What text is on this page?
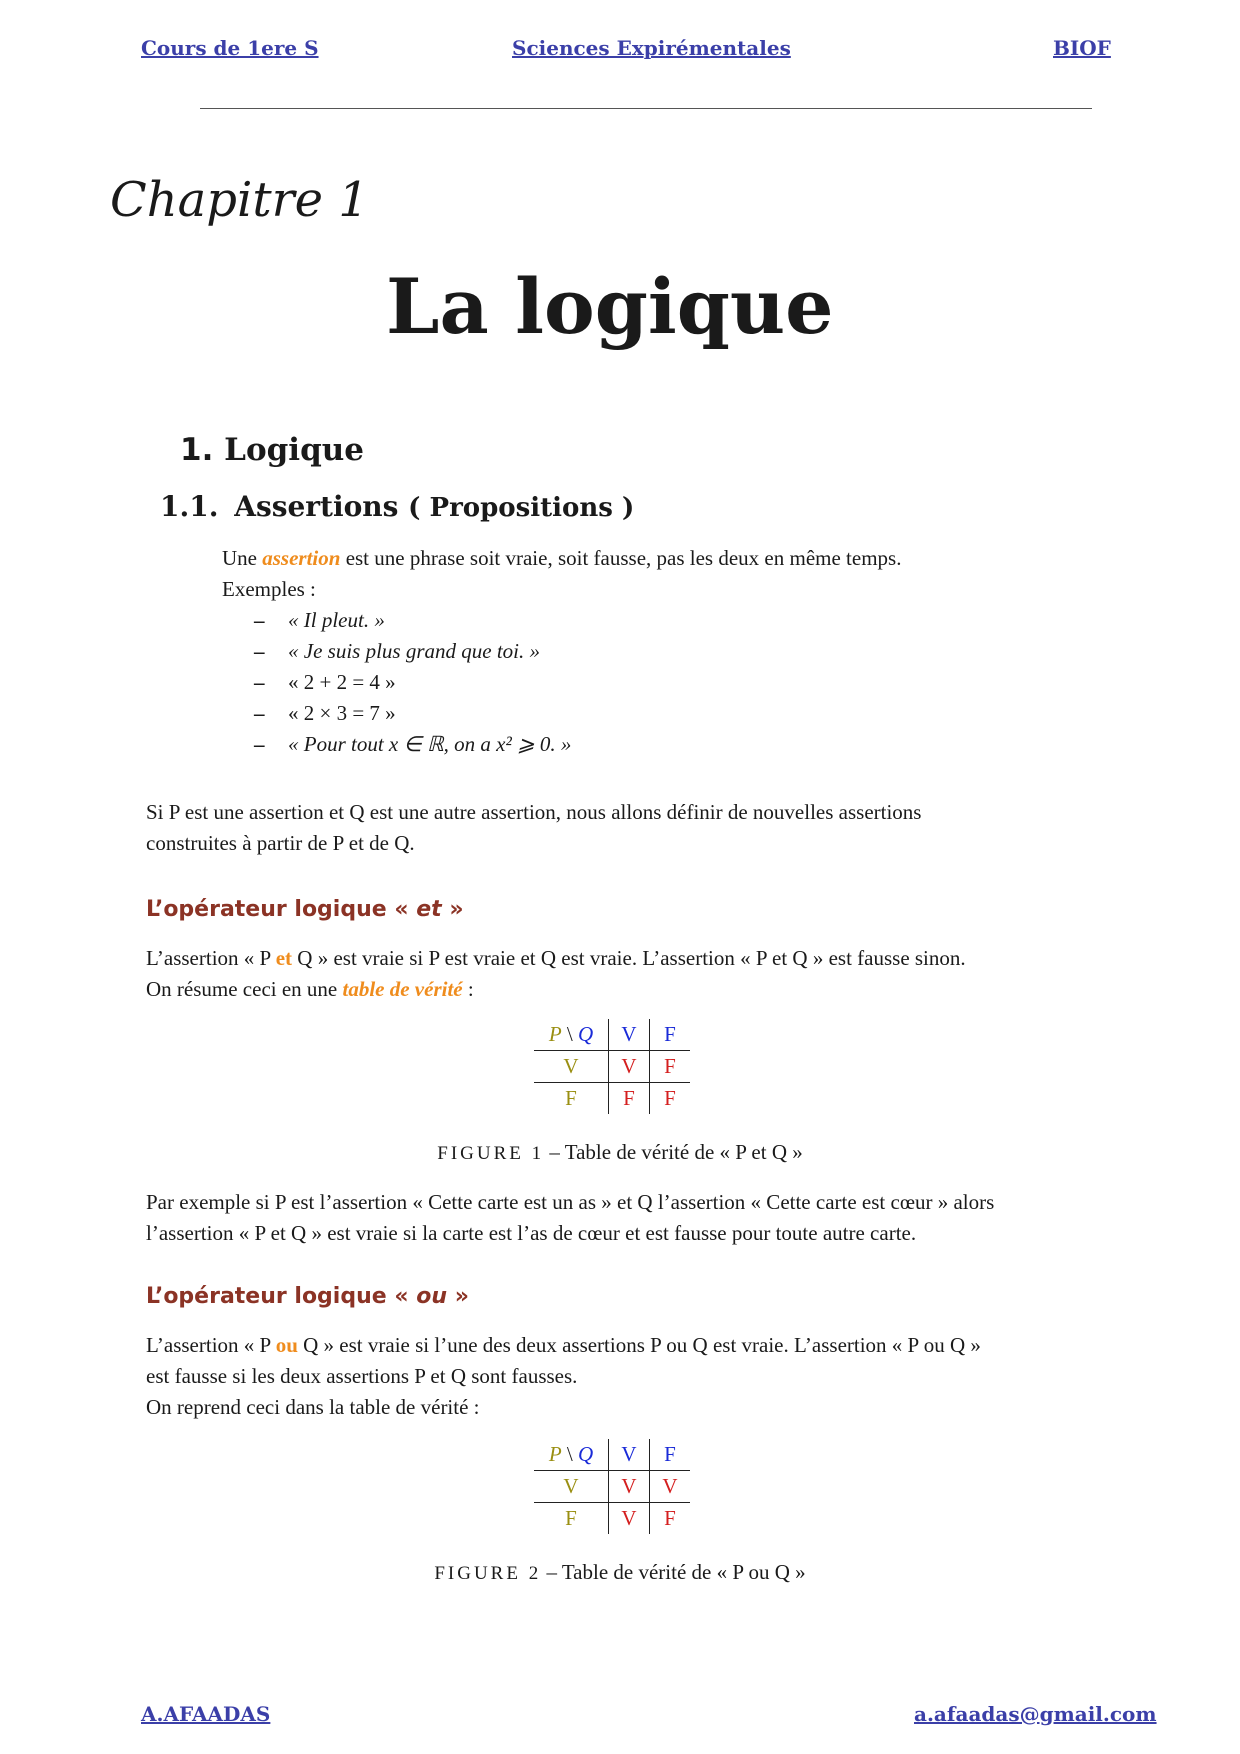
Cours de 1ere S	Sciences Expirémentales	BIOF
Chapitre 1
La logique
1. Logique
1.1. Assertions ( Propositions )
Une assertion est une phrase soit vraie, soit fausse, pas les deux en même temps.
Exemples :
– « Il pleut. »
– « Je suis plus grand que toi. »
– « 2 + 2 = 4 »
– « 2 × 3 = 7 »
– « Pour tout x ∈ ℝ, on a x² ⩾ 0. »
Si P est une assertion et Q est une autre assertion, nous allons définir de nouvelles assertions
construites à partir de P et de Q.
L’opérateur logique « et »
L’assertion « P et Q » est vraie si P est vraie et Q est vraie. L’assertion « P et Q » est fausse sinon.
On résume ceci en une table de vérité :
P \ Q	V	F
V	V	F
F	F	F
FIGURE 1 – Table de vérité de « P et Q »
Par exemple si P est l’assertion « Cette carte est un as » et Q l’assertion « Cette carte est cœur » alors
l’assertion « P et Q » est vraie si la carte est l’as de cœur et est fausse pour toute autre carte.
L’opérateur logique « ou »
L’assertion « P ou Q » est vraie si l’une des deux assertions P ou Q est vraie. L’assertion « P ou Q »
est fausse si les deux assertions P et Q sont fausses.
On reprend ceci dans la table de vérité :
P \ Q	V	F
V	V	V
F	V	F
FIGURE 2 – Table de vérité de « P ou Q »
A.AFAADAS	a.afaadas@gmail.com
